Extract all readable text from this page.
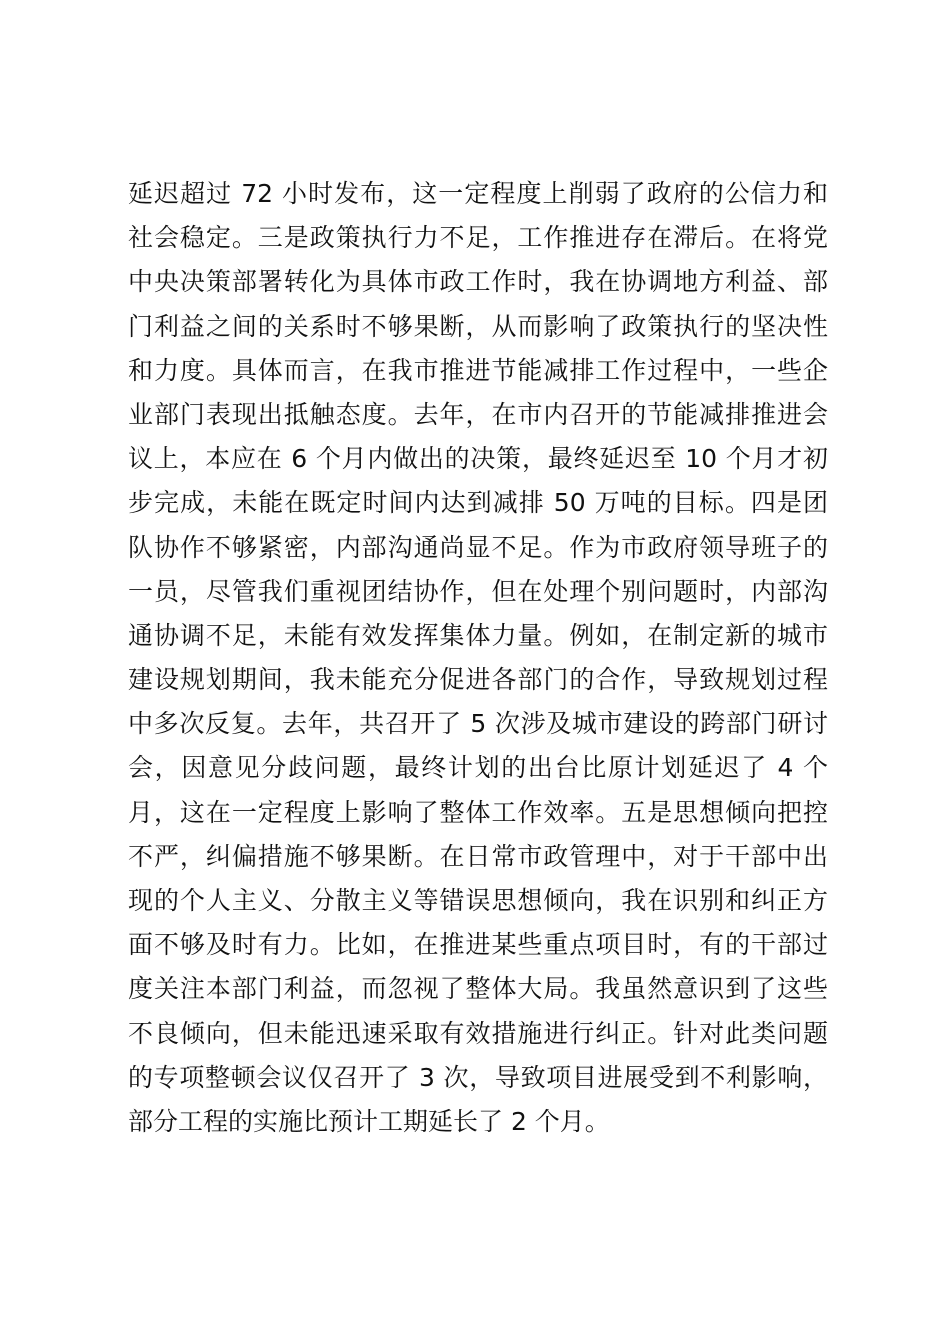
延迟超过 72 小时发布，这一定程度上削弱了政府的公信力和
社会稳定。三是政策执行力不足，工作推进存在滞后。在将党
中央决策部署转化为具体市政工作时，我在协调地方利益、部
门利益之间的关系时不够果断，从而影响了政策执行的坚决性
和力度。具体而言，在我市推进节能减排工作过程中，一些企
业部门表现出抵触态度。去年，在市内召开的节能减排推进会
议上，本应在 6 个月内做出的决策，最终延迟至 10 个月才初
步完成，未能在既定时间内达到减排 50 万吨的目标。四是团
队协作不够紧密，内部沟通尚显不足。作为市政府领导班子的
一员，尽管我们重视团结协作，但在处理个别问题时，内部沟
通协调不足，未能有效发挥集体力量。例如，在制定新的城市
建设规划期间，我未能充分促进各部门的合作，导致规划过程
中多次反复。去年，共召开了 5 次涉及城市建设的跨部门研讨
会，因意见分歧问题，最终计划的出台比原计划延迟了 4 个
月，这在一定程度上影响了整体工作效率。五是思想倾向把控
不严，纠偏措施不够果断。在日常市政管理中，对于干部中出
现的个人主义、分散主义等错误思想倾向，我在识别和纠正方
面不够及时有力。比如，在推进某些重点项目时，有的干部过
度关注本部门利益，而忽视了整体大局。我虽然意识到了这些
不良倾向，但未能迅速采取有效措施进行纠正。针对此类问题
的专项整顿会议仅召开了 3 次，导致项目进展受到不利影响，
部分工程的实施比预计工期延长了 2 个月。
